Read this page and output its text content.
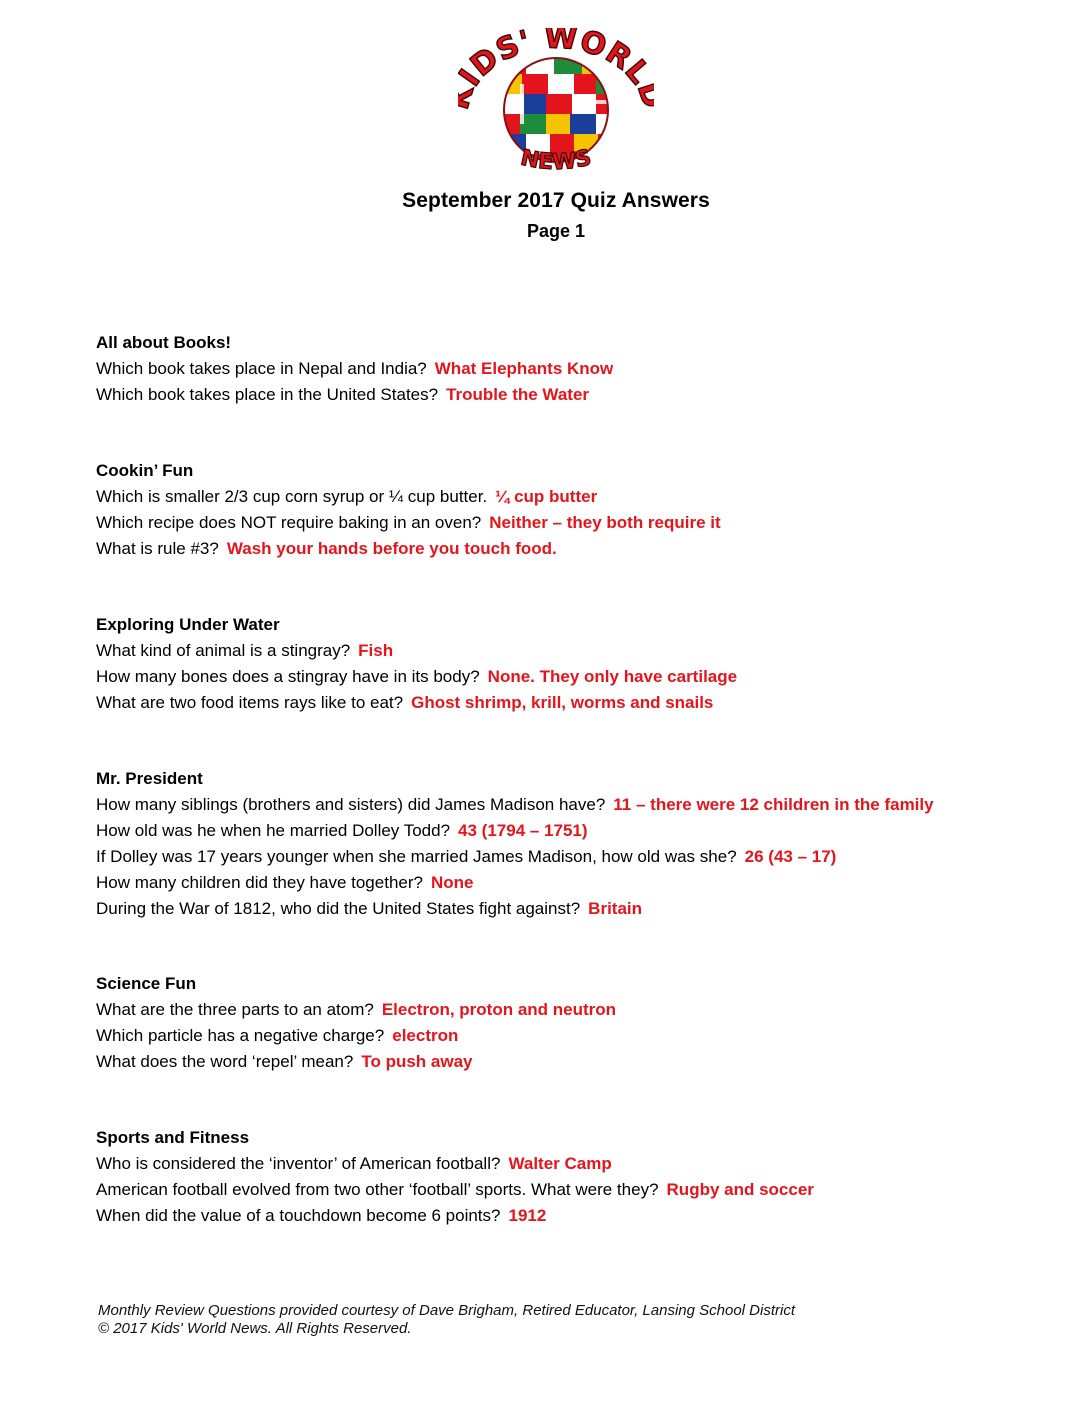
DS' WORL
NEWS
September 2017 Quiz Answers
Page 1
All about Books!
Which book takes place in Nepal and India? What Elephants Know
Which book takes place in the United States? Trouble the Water
Cookin’ Fun
Which is smaller 2/3 cup corn syrup or ¼ cup butter. ¼ cup butter
Which recipe does NOT require baking in an oven? Neither – they both require it
What is rule #3? Wash your hands before you touch food.
Exploring Under Water
What kind of animal is a stingray? Fish
How many bones does a stingray have in its body? None. They only have cartilage
What are two food items rays like to eat? Ghost shrimp, krill, worms and snails
Mr. President
How many siblings (brothers and sisters) did James Madison have? 11 – there were 12 children in the family
How old was he when he married Dolley Todd? 43 (1794 – 1751)
If Dolley was 17 years younger when she married James Madison, how old was she? 26 (43 – 17)
How many children did they have together? None
During the War of 1812, who did the United States fight against? Britain
Science Fun
What are the three parts to an atom? Electron, proton and neutron
Which particle has a negative charge? electron
What does the word ‘repel’ mean? To push away
Sports and Fitness
Who is considered the ‘inventor’ of American football? Walter Camp
American football evolved from two other ‘football’ sports. What were they? Rugby and soccer
When did the value of a touchdown become 6 points? 1912
Monthly Review Questions provided courtesy of Dave Brigham, Retired Educator, Lansing School District
© 2017 Kids' World News. All Rights Reserved.
